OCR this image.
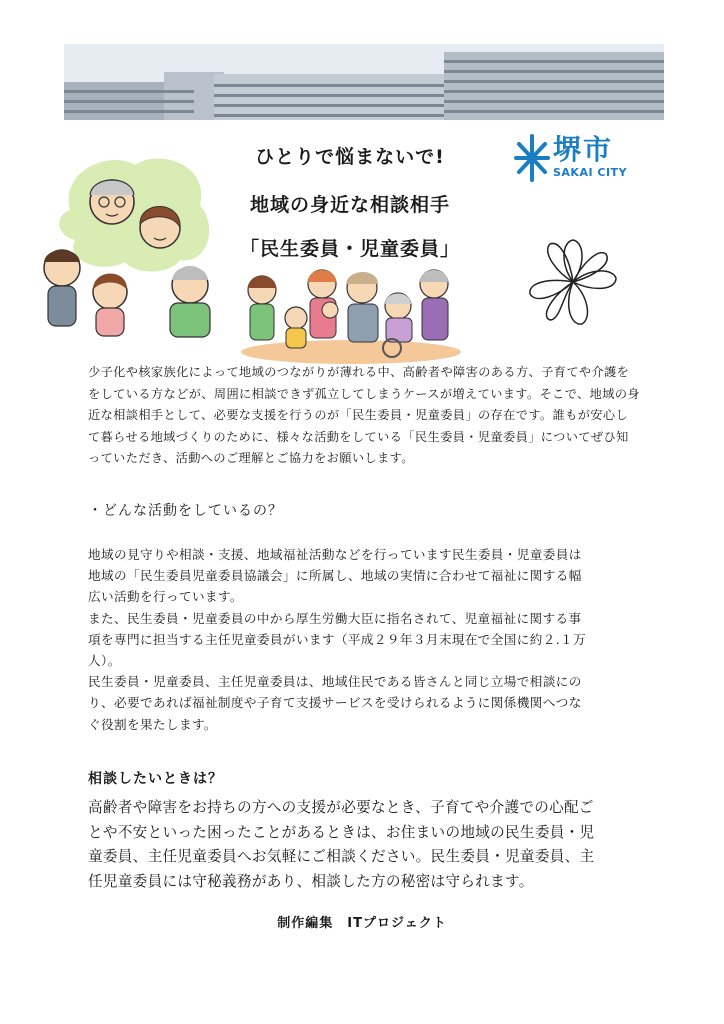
ひとりで悩まないで!
地域の身近な相談相手
「民生委員・児童委員」
堺市
SAKAI CITY
少子化や核家族化によって地域のつながりが薄れる中、高齢者や障害のある方、子育てや介護を
をしている方などが、周囲に相談できず孤立してしまうケースが増えています。そこで、地域の身
近な相談相手として、必要な支援を行うのが「民生委員・児童委員」の存在です。誰もが安心し
て暮らせる地域づくりのために、様々な活動をしている「民生委員・児童委員」についてぜひ知
っていただき、活動へのご理解とご協力をお願いします。
・どんな活動をしているの？
地域の見守りや相談・支援、地域福祉活動などを行っています民生委員・児童委員は
地域の「民生委員児童委員協議会」に所属し、地域の実情に合わせて福祉に関する幅
広い活動を行っています。
また、民生委員・児童委員の中から厚生労働大臣に指名されて、児童福祉に関する事
項を専門に担当する主任児童委員がいます（平成２９年３月末現在で全国に約２.１万
人）。
民生委員・児童委員、主任児童委員は、地域住民である皆さんと同じ立場で相談にの
り、必要であれば福祉制度や子育て支援サービスを受けられるように関係機関へつな
ぐ役割を果たします。
相談したいときは？
高齢者や障害をお持ちの方への支援が必要なとき、子育てや介護での心配ご
とや不安といった困ったことがあるときは、お住まいの地域の民生委員・児
童委員、主任児童委員へお気軽にご相談ください。民生委員・児童委員、主
任児童委員には守秘義務があり、相談した方の秘密は守られます。
制作編集　ITプロジェクト
